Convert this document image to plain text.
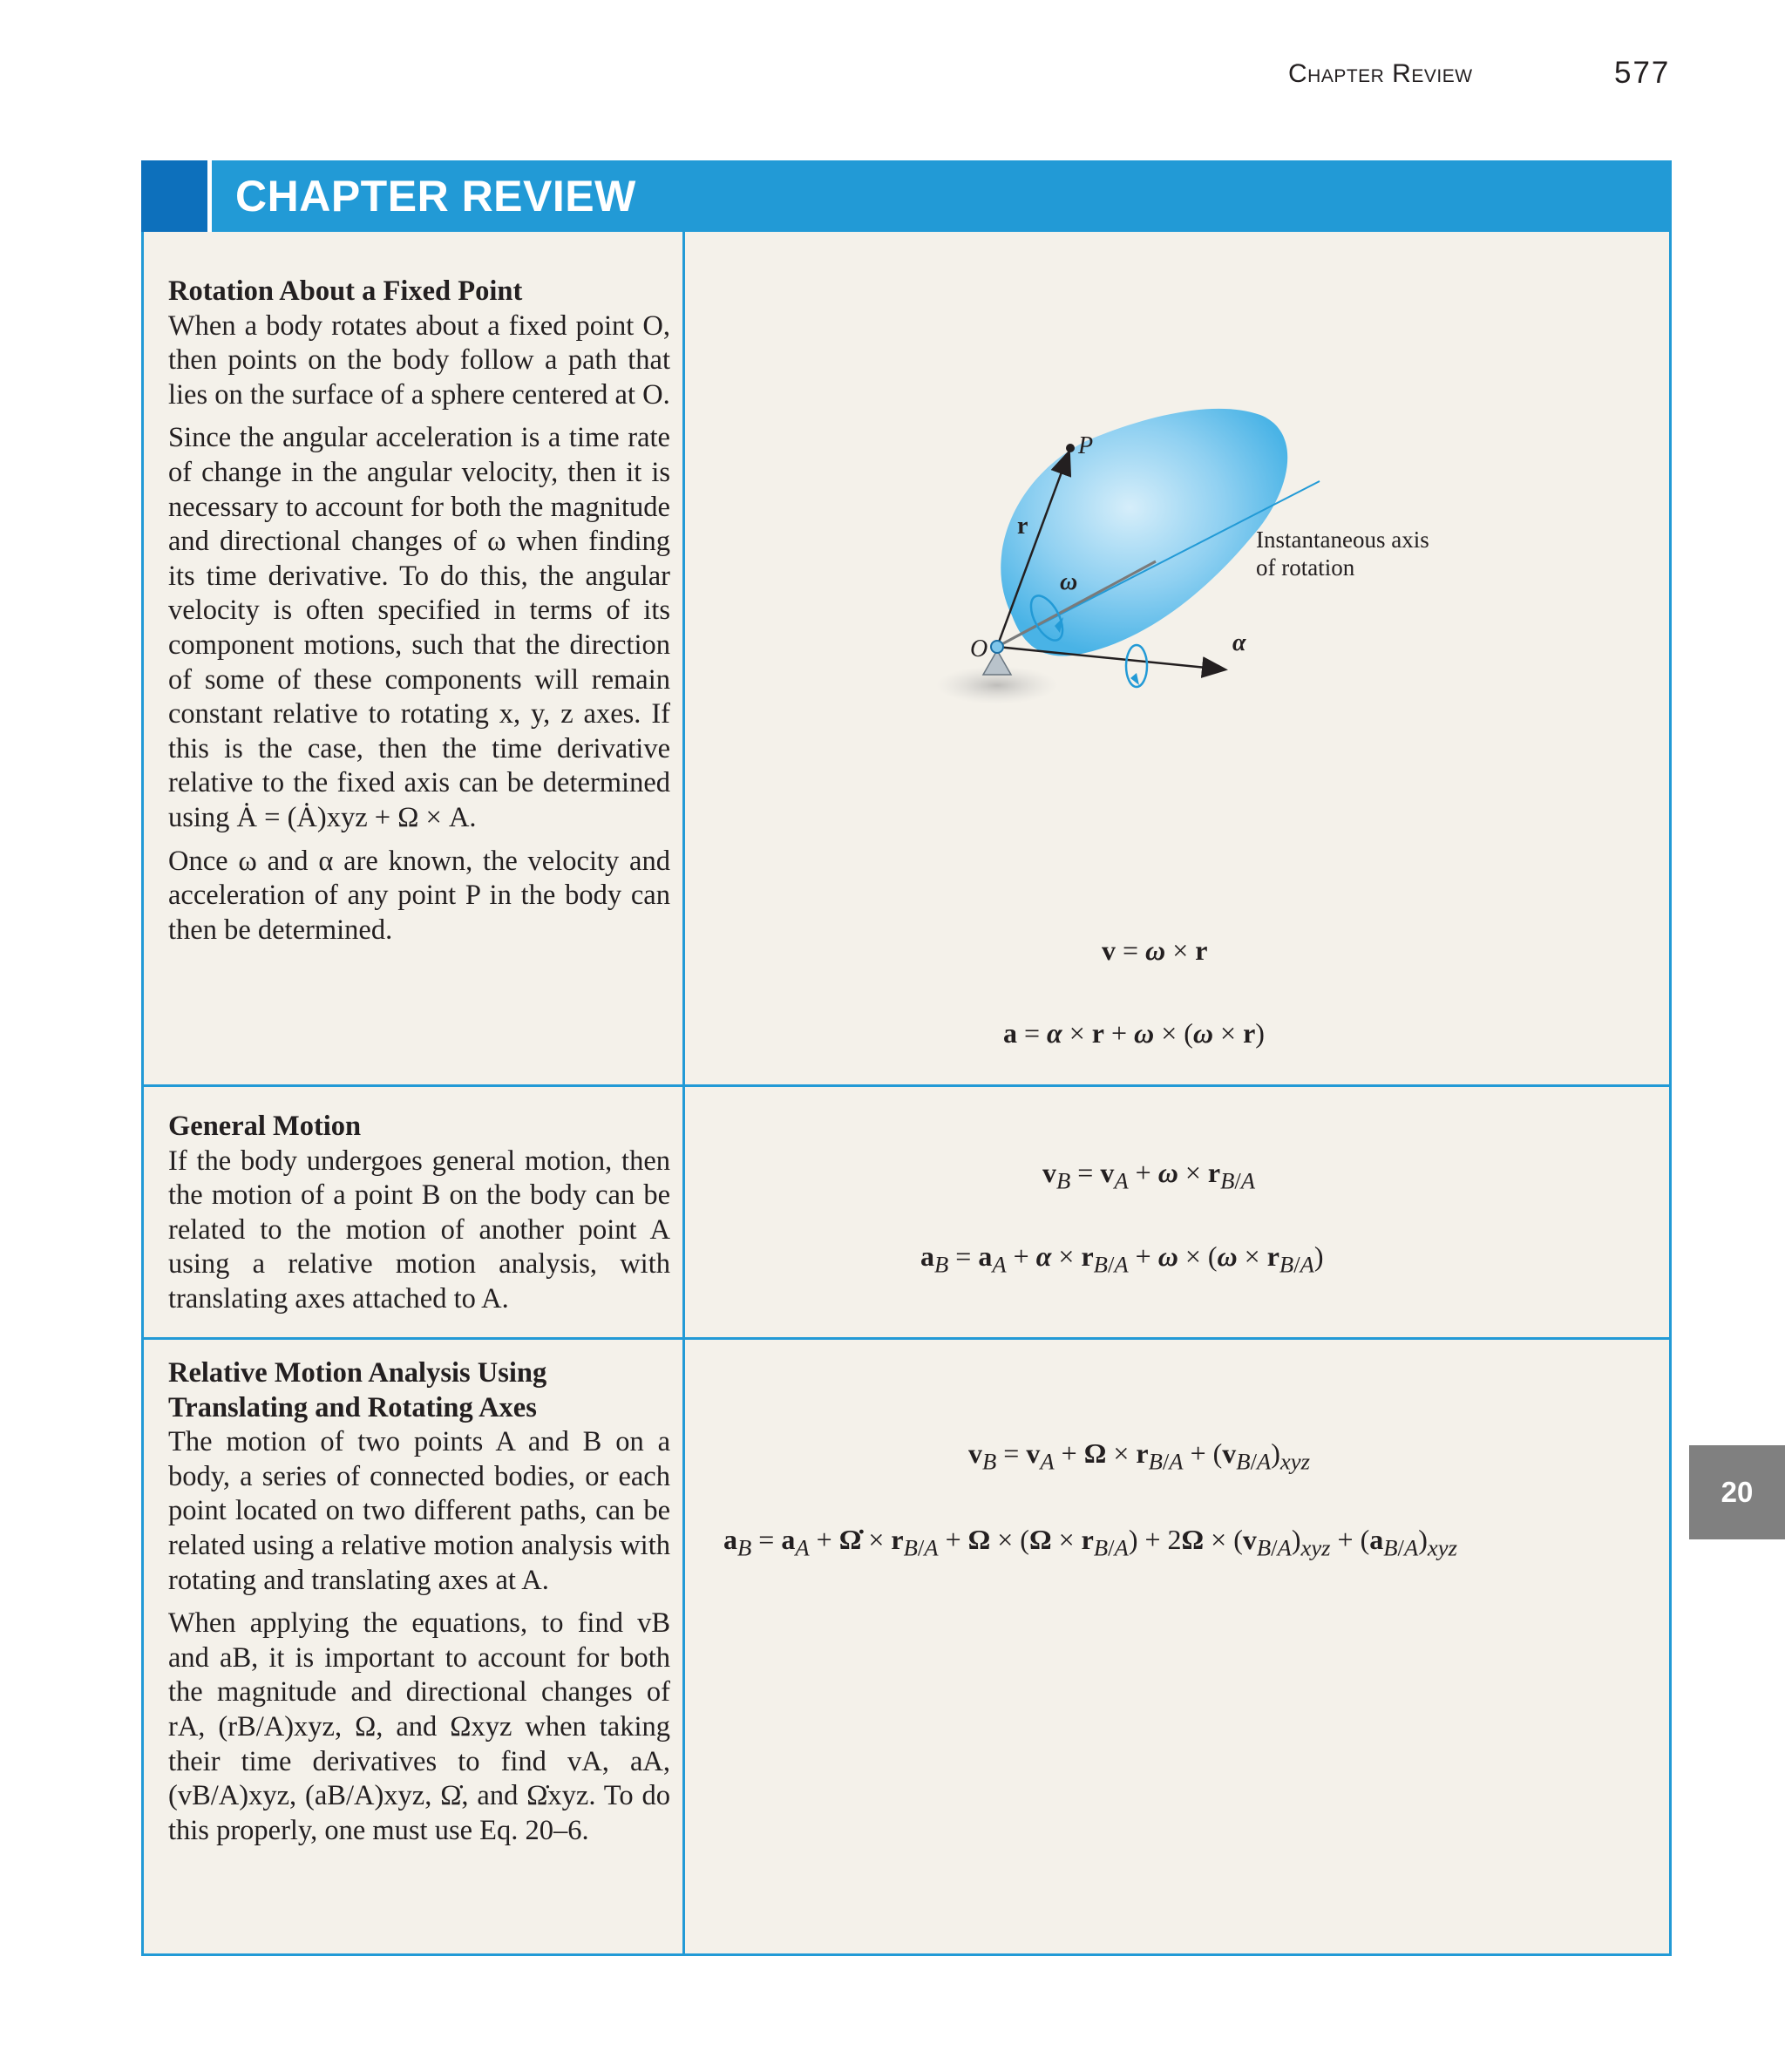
Chapter Review	577
CHAPTER REVIEW
Rotation About a Fixed Point

When a body rotates about a fixed point O, then points on the body follow a path that lies on the surface of a sphere centered at O.

Since the angular acceleration is a time rate of change in the angular velocity, then it is necessary to account for both the magnitude and directional changes of ω when finding its time derivative. To do this, the angular velocity is often specified in terms of its component motions, such that the direction of some of these components will remain constant relative to rotating x, y, z axes. If this is the case, then the time derivative relative to the fixed axis can be determined using Ȧ = (Ȧ)xyz + Ω × A.

Once ω and α are known, the velocity and acceleration of any point P in the body can then be determined.

P
r
ω
O	α
Instantaneous axis
of rotation
v = ω × r
a = α × r + ω × (ω × r)
General Motion

If the body undergoes general motion, then the motion of a point B on the body can be related to the motion of another point A using a relative motion analysis, with translating axes attached to A.

$v_B = v_A + \omega \times r_{B/A}$
$a_B = a_A + \alpha \times r_{B/A} + \omega \times (\omega \times r_{B/A})$
Relative Motion Analysis Using
Translating and Rotating Axes

The motion of two points A and B on a body, a series of connected bodies, or each point located on two different paths, can be related using a relative motion analysis with rotating and translating axes at A.

When applying the equations, to find vB and aB, it is important to account for both the magnitude and directional changes of rA, (rB/A)xyz, Ω, and Ωxyz when taking their time derivatives to find vA, aA, (vB/A)xyz, (aB/A)xyz, Ω̇, and Ω̇xyz. To do this properly, one must use Eq. 20–6.

$v_B = v_A + \Omega \times r_{B/A} + (v_{B/A})_{xyz}$
$a_B = a_A$ + Ω̇ × $r_{B/A} + \Omega \times (\Omega \times r_{B/A}) + 2\Omega \times (v_{B/A})_{xyz} + (a_{B/A})_{xyz}$
20
